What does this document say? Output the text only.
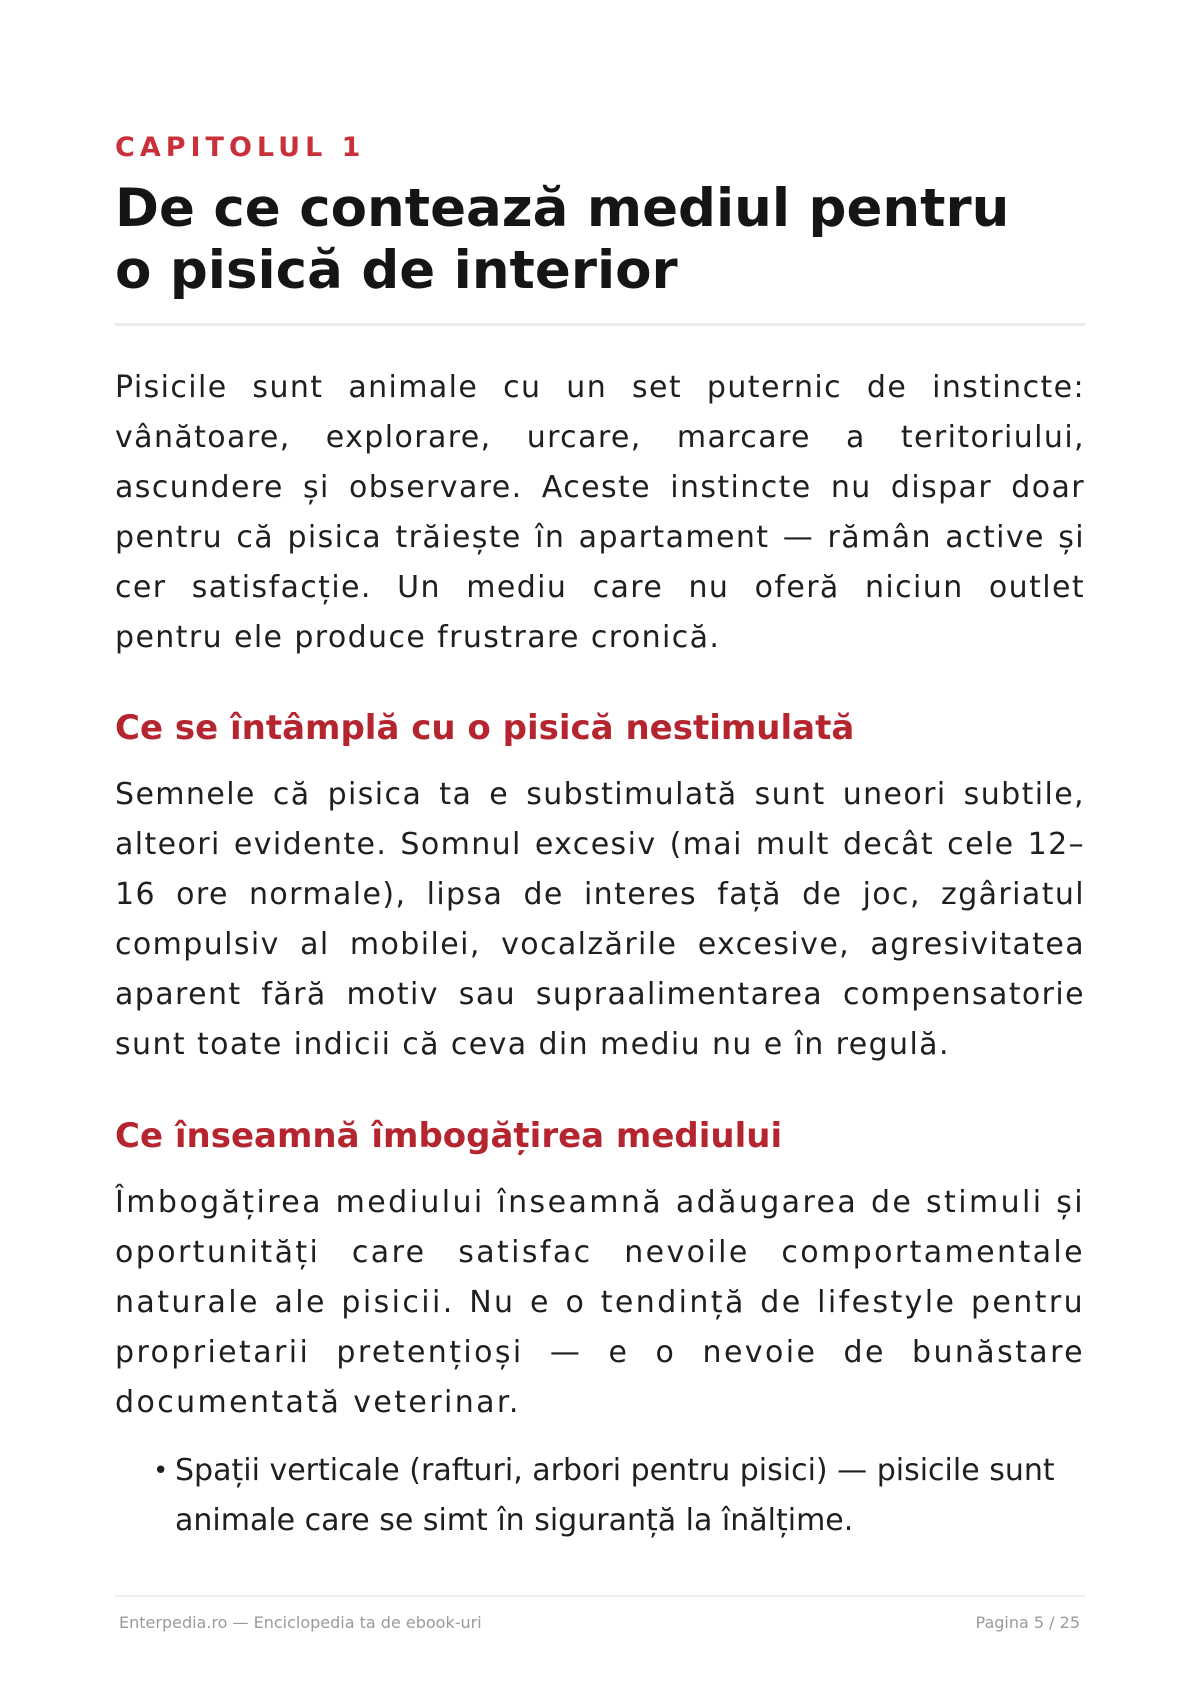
CAPITOLUL 1
De ce contează mediul pentru
o pisică de interior

Pisicile sunt animale cu un set puternic de instincte: vânătoare, explorare, urcare, marcare a teritoriului, ascundere și observare. Aceste instincte nu dispar doar pentru că pisica trăiește în apartament — rămân active și cer satisfacție. Un mediu care nu oferă niciun outlet pentru ele produce frustrare cronică.

Ce se întâmplă cu o pisică nestimulată

Semnele că pisica ta e substimulată sunt uneori subtile, alteori evidente. Somnul excesiv (mai mult decât cele 12–16 ore normale), lipsa de interes față de joc, zgâriatul compulsiv al mobilei, vocalzările excesive, agresivitatea aparent fără motiv sau supraalimentarea compensatorie sunt toate indicii că ceva din mediu nu e în regulă.

Ce înseamnă îmbogățirea mediului

Îmbogățirea mediului înseamnă adăugarea de stimuli și oportunități care satisfac nevoile comportamentale naturale ale pisicii. Nu e o tendință de lifestyle pentru proprietarii pretențioși — e o nevoie de bunăstare documentată veterinar.

• Spații verticale (rafturi, arbori pentru pisici) — pisicile sunt animale care se simt în siguranță la înălțime.
Enterpedia.ro — Enciclopedia ta de ebook-uri	Pagina 5 / 25
